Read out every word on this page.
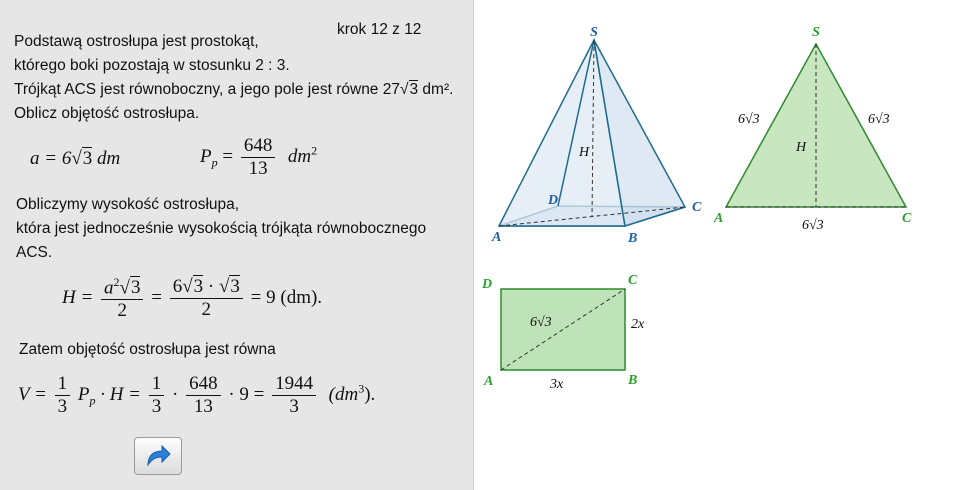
krok 12 z 12
Podstawą ostrosłupa jest prostokąt,
którego boki pozostają w stosunku 2 : 3.
Trójkąt ACS jest równoboczny, a jego pole jest równe 27√3 dm².
Oblicz objętość ostrosłupa.
a = 6√3 dm	$P_p = \frac{648}{13} dm^2$
Obliczymy wysokość ostrosłupa,
która jest jednocześnie wysokością trójkąta równobocznego
ACS.
$H = \frac{a^2√3}{2} = \frac{6√3 \cdot √3}{2} = 9$ (dm).
Zatem objętość ostrosłupa jest równa
$V = \frac{1}{3} P_p \cdot H = \frac{1}{3} \cdot \frac{648}{13} \cdot 9 = \frac{1944}{3} (dm^3)$.
S
A	B
C
D
H
S
A	C
H
6√3	6√3
6√3
D	C
A	B
6√3	2x
3x
